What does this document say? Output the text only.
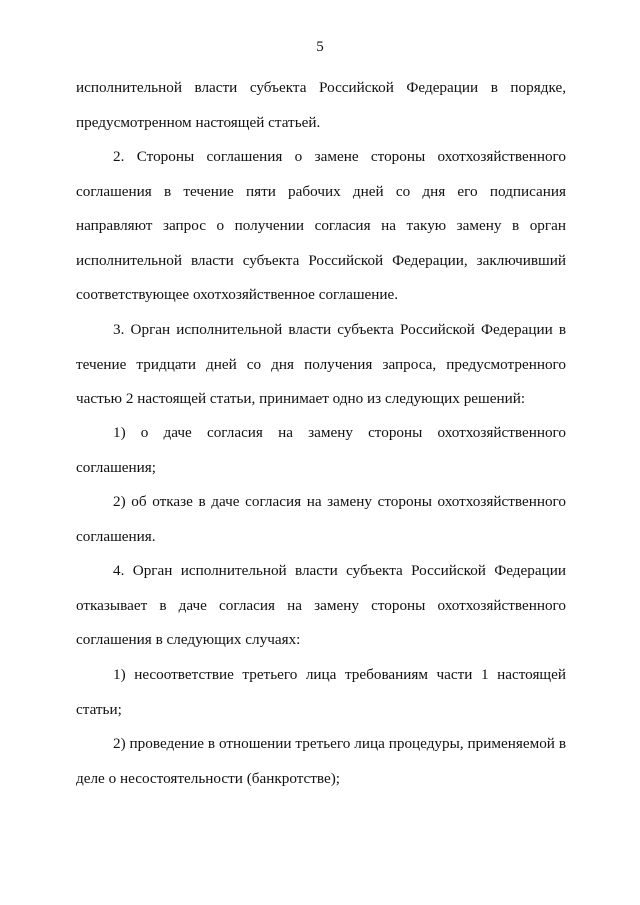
5

исполнительной власти субъекта Российской Федерации в порядке, предусмотренном настоящей статьей.

2. Стороны соглашения о замене стороны охотхозяйственного соглашения в течение пяти рабочих дней со дня его подписания направляют запрос о получении согласия на такую замену в орган исполнительной власти субъекта Российской Федерации, заключивший соответствующее охотхозяйственное соглашение.

3. Орган исполнительной власти субъекта Российской Федерации в течение тридцати дней со дня получения запроса, предусмотренного частью 2 настоящей статьи, принимает одно из следующих решений:

1) о даче согласия на замену стороны охотхозяйственного соглашения;

2) об отказе в даче согласия на замену стороны охотхозяйственного соглашения.

4. Орган исполнительной власти субъекта Российской Федерации отказывает в даче согласия на замену стороны охотхозяйственного соглашения в следующих случаях:

1) несоответствие третьего лица требованиям части 1 настоящей статьи;

2) проведение в отношении третьего лица процедуры, применяемой в деле о несостоятельности (банкротстве);
